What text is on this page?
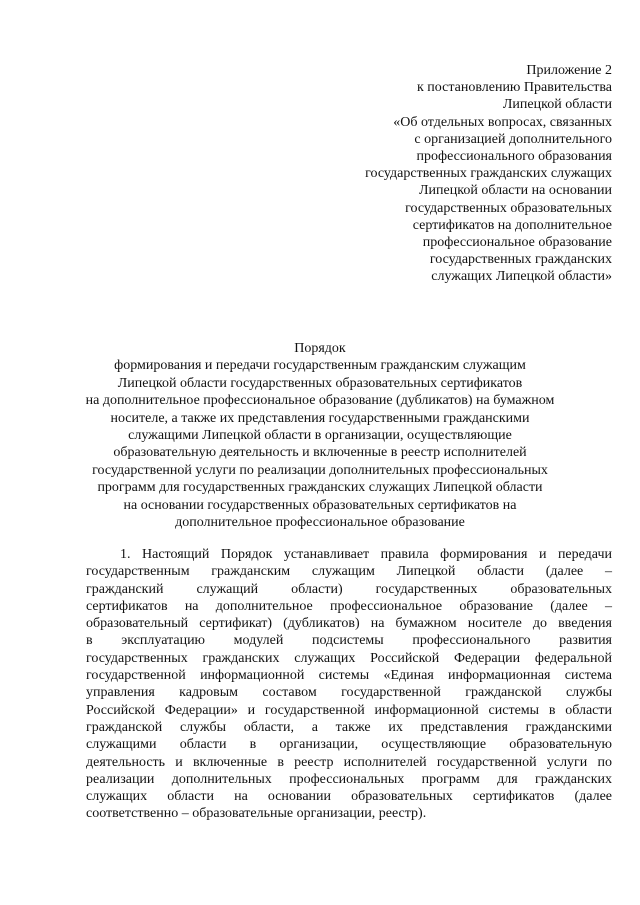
Приложение 2
к постановлению Правительства
Липецкой области
«Об отдельных вопросах, связанных
с организацией дополнительного
профессионального образования
государственных гражданских служащих
Липецкой области на основании
государственных образовательных
сертификатов на дополнительное
профессиональное образование
государственных гражданских
служащих Липецкой области»
Порядок
формирования и передачи государственным гражданским служащим
Липецкой области государственных образовательных сертификатов
на дополнительное профессиональное образование (дубликатов) на бумажном
носителе, а также их представления государственными гражданскими
служащими Липецкой области в организации, осуществляющие
образовательную деятельность и включенные в реестр исполнителей
государственной услуги по реализации дополнительных профессиональных
программ для государственных гражданских служащих Липецкой области
на основании государственных образовательных сертификатов на
дополнительное профессиональное образование
1. Настоящий Порядок устанавливает правила формирования и передачи
государственным гражданским служащим Липецкой области (далее –
гражданский служащий области) государственных образовательных
сертификатов на дополнительное профессиональное образование (далее –
образовательный сертификат) (дубликатов) на бумажном носителе до введения
в эксплуатацию модулей подсистемы профессионального развития
государственных гражданских служащих Российской Федерации федеральной
государственной информационной системы «Единая информационная система
управления кадровым составом государственной гражданской службы
Российской Федерации» и государственной информационной системы в области
гражданской службы области, а также их представления гражданскими
служащими области в организации, осуществляющие образовательную
деятельность и включенные в реестр исполнителей государственной услуги по
реализации дополнительных профессиональных программ для гражданских
служащих области на основании образовательных сертификатов (далее
соответственно – образовательные организации, реестр).
